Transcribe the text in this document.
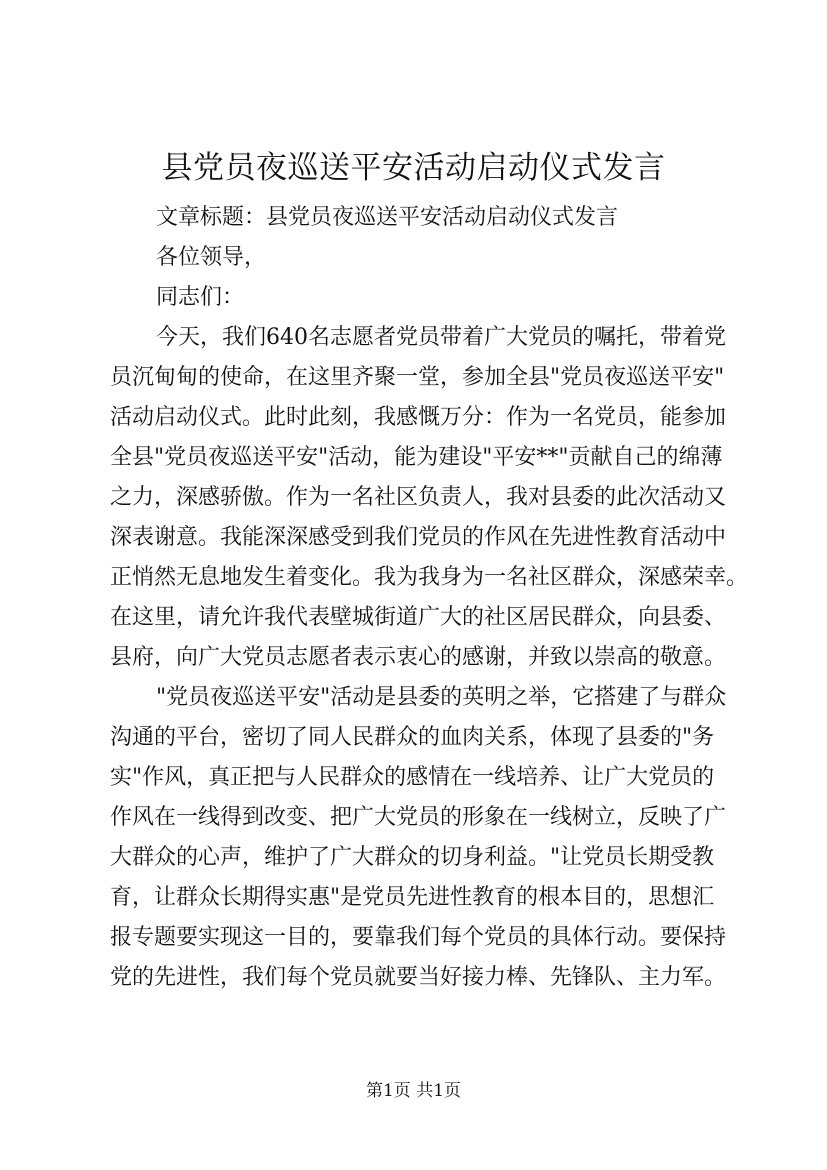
县党员夜巡送平安活动启动仪式发言

文章标题：县党员夜巡送平安活动启动仪式发言

各位领导，

同志们：

今天，我们640名志愿者党员带着广大党员的嘱托，带着党

员沉甸甸的使命，在这里齐聚一堂，参加全县"党员夜巡送平安"

活动启动仪式。此时此刻，我感慨万分：作为一名党员，能参加

全县"党员夜巡送平安"活动，能为建设"平安**"贡献自己的绵薄

之力，深感骄傲。作为一名社区负责人，我对县委的此次活动又

深表谢意。我能深深感受到我们党员的作风在先进性教育活动中

正悄然无息地发生着变化。我为我身为一名社区群众，深感荣幸。

在这里，请允许我代表壁城街道广大的社区居民群众，向县委、

县府，向广大党员志愿者表示衷心的感谢，并致以崇高的敬意。

"党员夜巡送平安"活动是县委的英明之举，它搭建了与群众

沟通的平台，密切了同人民群众的血肉关系，体现了县委的"务

实"作风，真正把与人民群众的感情在一线培养、让广大党员的

作风在一线得到改变、把广大党员的形象在一线树立，反映了广

大群众的心声，维护了广大群众的切身利益。"让党员长期受教

育，让群众长期得实惠"是党员先进性教育的根本目的，思想汇

报专题要实现这一目的，要靠我们每个党员的具体行动。要保持

党的先进性，我们每个党员就要当好接力棒、先锋队、主力军。

第1页 共1页
